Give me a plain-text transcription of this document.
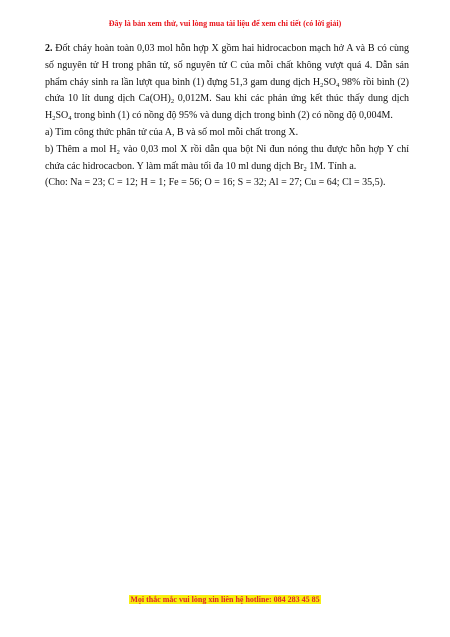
Đây là bản xem thử, vui lòng mua tài liệu để xem chi tiết (có lời giải)

2. Đốt cháy hoàn toàn 0,03 mol hỗn hợp X gồm hai hidrocacbon mạch hở A và B có cùng số nguyên tử H trong phân tử, số nguyên tử C của mỗi chất không vượt quá 4. Dẫn sản phẩm cháy sinh ra lần lượt qua bình (1) đựng 51,3 gam dung dịch $H_2SO_4$ 98% rồi bình (2) chứa 10 lít dung dịch $Ca(OH)_2$ 0,012M. Sau khi các phản ứng kết thúc thấy dung dịch $H_2SO_4$ trong bình (1) có nồng độ 95% và dung dịch trong bình (2) có nồng độ 0,004M.

a) Tìm công thức phân tử của A, B và số mol mỗi chất trong X.

b) Thêm a mol $H_2$ vào 0,03 mol X rồi dẫn qua bột Ni đun nóng thu được hỗn hợp Y chỉ chứa các hidrocacbon. Y làm mất màu tối đa 10 ml dung dịch $Br_2$ 1M. Tính a.

(Cho: Na = 23; C = 12; H = 1; Fe = 56; O = 16; S = 32; Al = 27; Cu = 64; Cl = 35,5).

Mọi thắc mắc vui lòng xin liên hệ hotline: 084 283 45 85
